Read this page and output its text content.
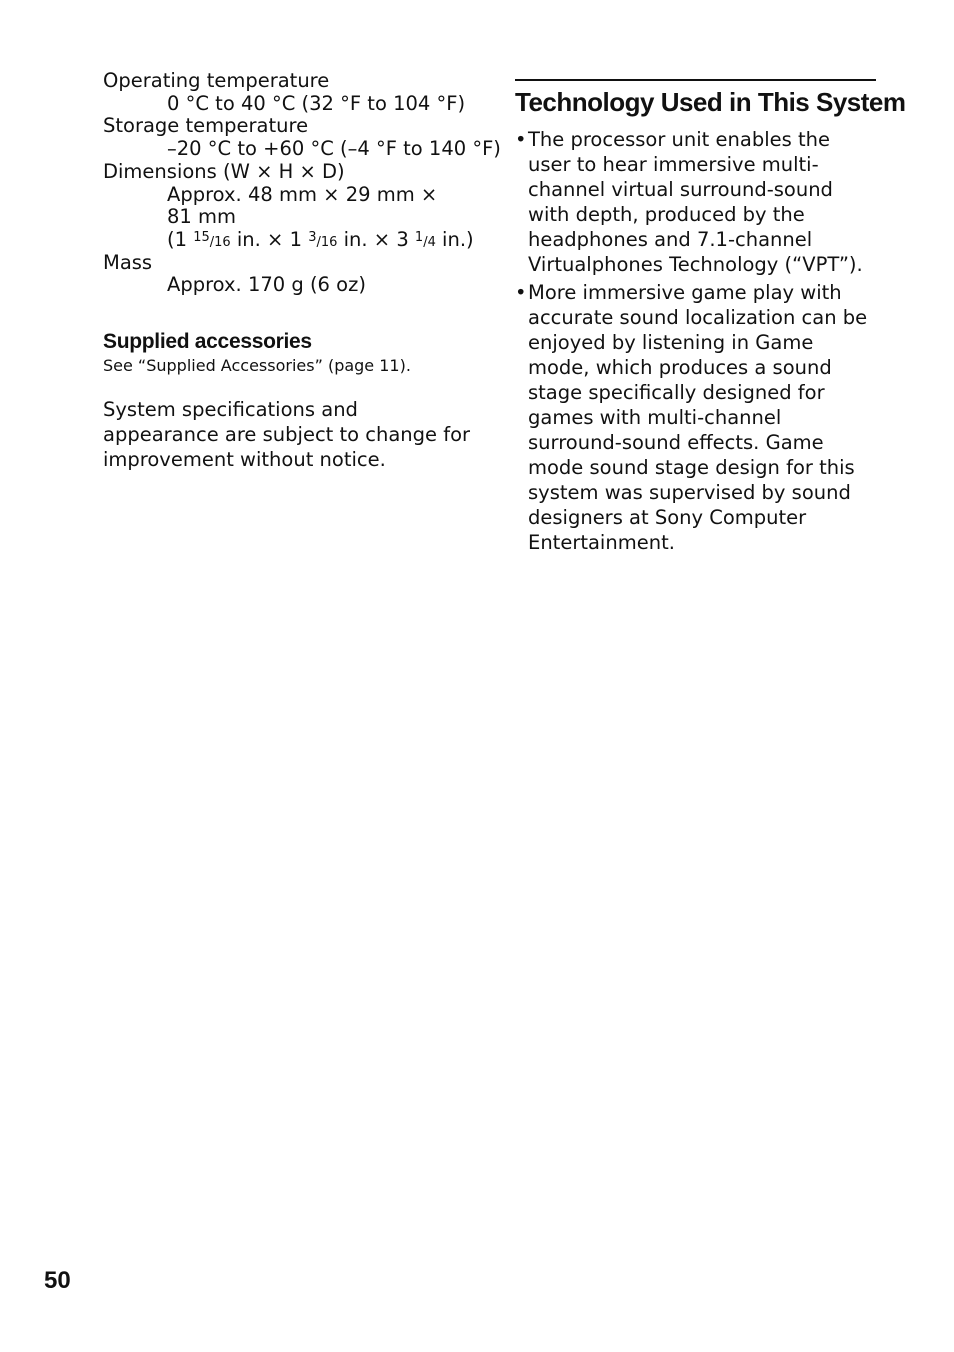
Operating temperature
0 °C to 40 °C (32 °F to 104 °F)
Storage temperature
–20 °C to +60 °C (–4 °F to 140 °F)
Dimensions (W × H × D)
Approx. 48 mm × 29 mm ×
81 mm
(1 $^{15}$/16 in. × 1 $^3$/16 in. × 3 $^1$/4 in.)
Mass
Approx. 170 g (6 oz)
Supplied accessories
See “Supplied Accessories” (page 11).
System specifications and appearance are subject to change for improvement without notice.
Technology Used in This System
• The processor unit enables the user to hear immersive multi-channel virtual surround-sound with depth, produced by the headphones and 7.1-channel Virtualphones Technology (“VPT”).
• More immersive game play with accurate sound localization can be enjoyed by listening in Game mode, which produces a sound stage specifically designed for games with multi-channel surround-sound effects. Game mode sound stage design for this system was supervised by sound designers at Sony Computer Entertainment.
50
